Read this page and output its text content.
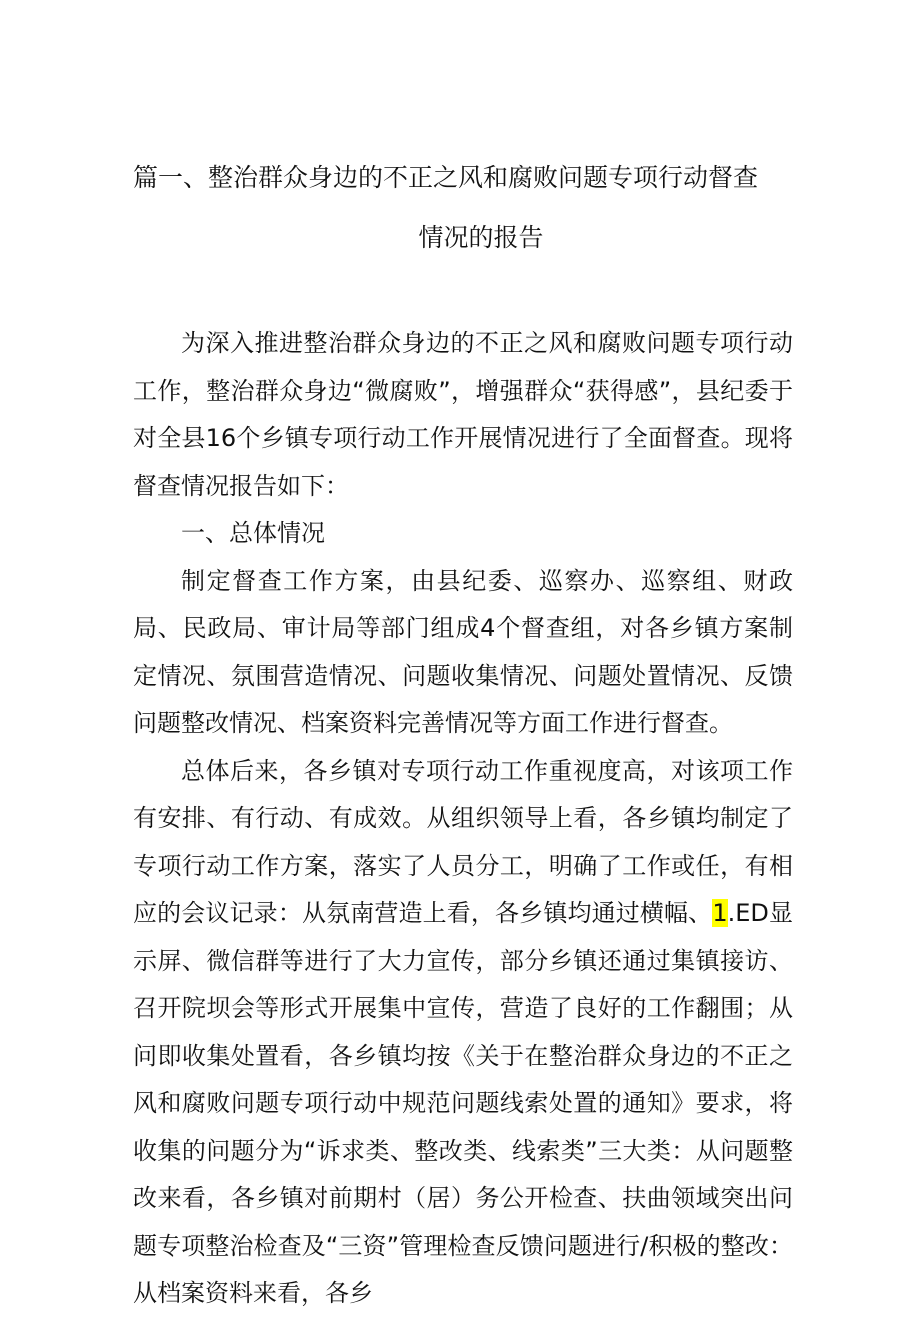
篇一、整治群众身边的不正之风和腐败问题专项行动督查
情况的报告

为深入推进整治群众身边的不正之风和腐败问题专项行动工作，整治群众身边“微腐败”，增强群众“获得感”，县纪委于对全县16个乡镇专项行动工作开展情况进行了全面督查。现将督查情况报告如下：

一、总体情况

制定督查工作方案，由县纪委、巡察办、巡察组、财政局、民政局、审计局等部门组成4个督查组，对各乡镇方案制定情况、氛围营造情况、问题收集情况、问题处置情况、反馈问题整改情况、档案资料完善情况等方面工作进行督查。

总体后来，各乡镇对专项行动工作重视度高，对该项工作有安排、有行动、有成效。从组织领导上看，各乡镇均制定了专项行动工作方案，落实了人员分工，明确了工作或任，有相应的会议记录：从氛南营造上看，各乡镇均通过横幅、1.ED显示屏、微信群等进行了大力宣传，部分乡镇还通过集镇接访、召开院坝会等形式开展集中宣传，营造了良好的工作翻围；从问即收集处置看，各乡镇均按《关于在整治群众身边的不正之风和腐败问题专项行动中规范问题线索处置的通知》要求，将收集的问题分为“诉求类、整改类、线索类”三大类：从问题整改来看，各乡镇对前期村（居）务公开检查、扶曲领域突出问题专项整治检查及“三资”管理检查反馈问题进行/积极的整改：从档案资料来看，各乡
